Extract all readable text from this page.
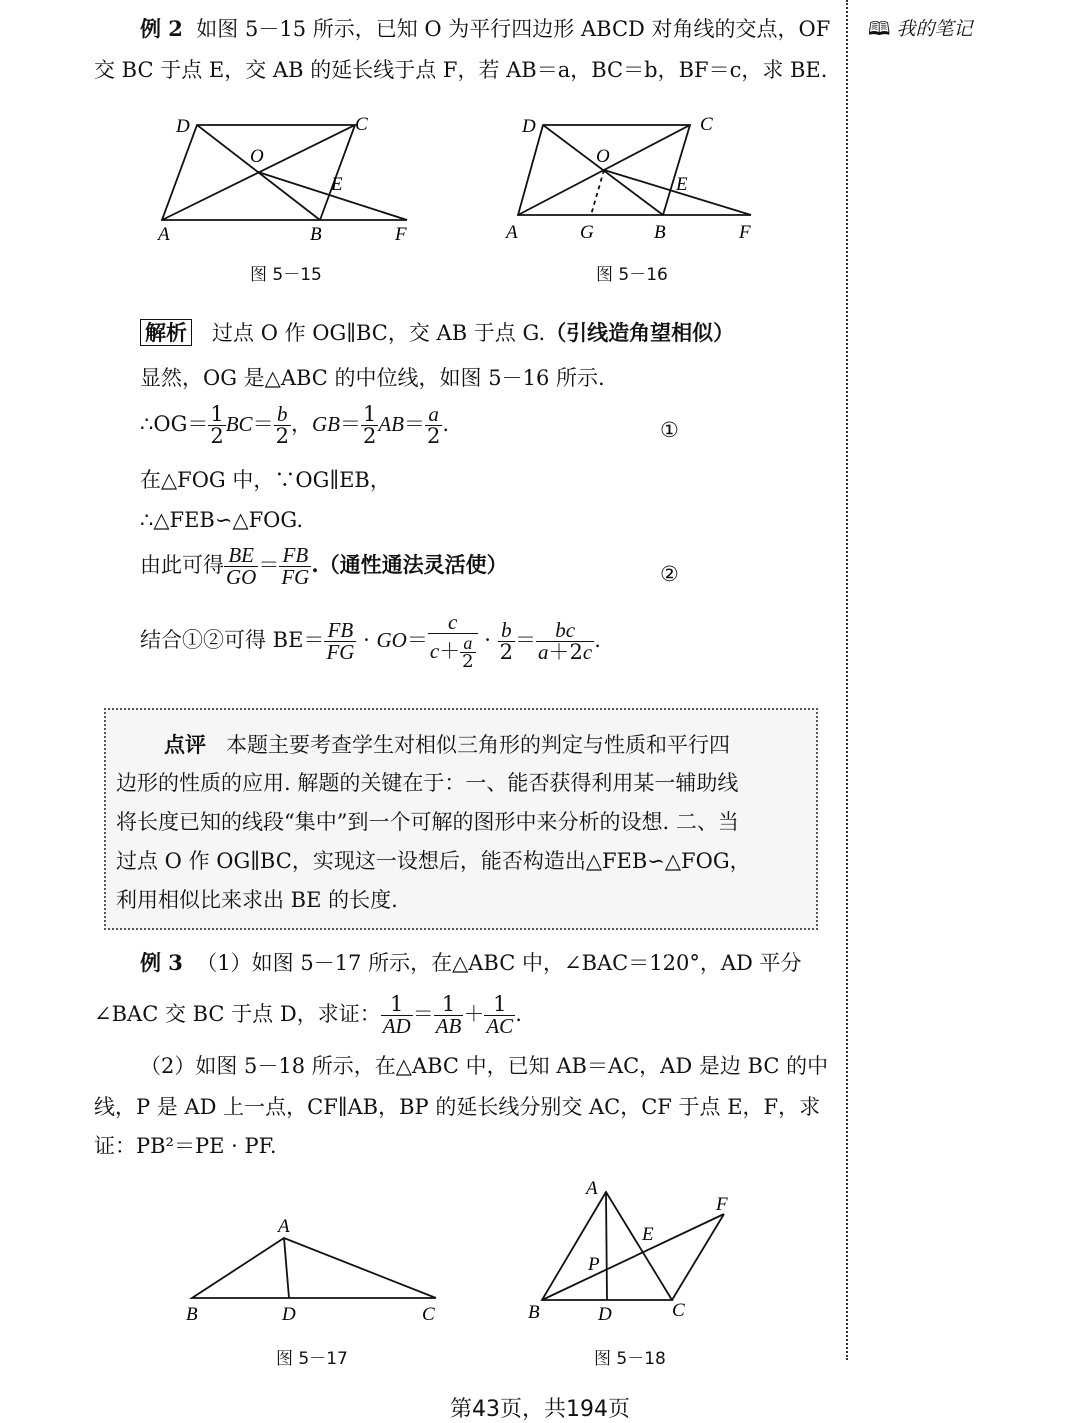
🕮 我的笔记
例 2 如图 5－15 所示，已知 O 为平行四边形 ABCD 对角线的交点，OF
交 BC 于点 E，交 AB 的延长线于点 F，若 AB＝a，BC＝b，BF＝c，求 BE.
D	C
O
E
A	B	F
图 5－15
D	C
O
E
A	G	B	F
图 5－16
解析 过点 O 作 OG∥BC，交 AB 于点 G.（引线造角望相似）
显然，OG 是△ABC 的中位线，如图 5－16 所示.
∴OG＝ $\frac{1}{2} BC= \frac{b}{2}$ ，$GB= \frac{1}{2} AB= \frac{a}{2}$ .	①
在△FOG 中，∵OG∥EB，
∴△FEB∽△FOG.
由此可得 $\frac{BE}{GO} = \frac{FB}{FG}$ .（通性通法灵活使）	②
结合①②可得 $BE= \frac{FB}{FG} \cdot GO= \frac{c}{c+ \frac{a}{2}} \cdot \frac{b}{2} = \frac{bc}{a+2c}$ .
点评 本题主要考查学生对相似三角形的判定与性质和平行四
边形的性质的应用. 解题的关键在于：一、能否获得利用某一辅助线
将长度已知的线段“集中”到一个可解的图形中来分析的设想. 二、当
过点 O 作 OG∥BC，实现这一设想后，能否构造出△FEB∽△FOG，
利用相似比来求出 BE 的长度.
例 3 （1）如图 5－17 所示，在△ABC 中，∠BAC＝120°，AD 平分
∠BAC 交 BC 于点 D，求证： $\frac{1}{AD} = \frac{1}{AB} + \frac{1}{AC}$ .
（2）如图 5－18 所示，在△ABC 中，已知 AB＝AC，AD 是边 BC 的中
线，P 是 AD 上一点，CF∥AB，BP 的延长线分别交 AC，CF 于点 E，F，求
证：PB²＝PE · PF.
A
B	D	C
图 5－17
A
F
E
P
B	D	C
图 5－18
第43页，共194页
